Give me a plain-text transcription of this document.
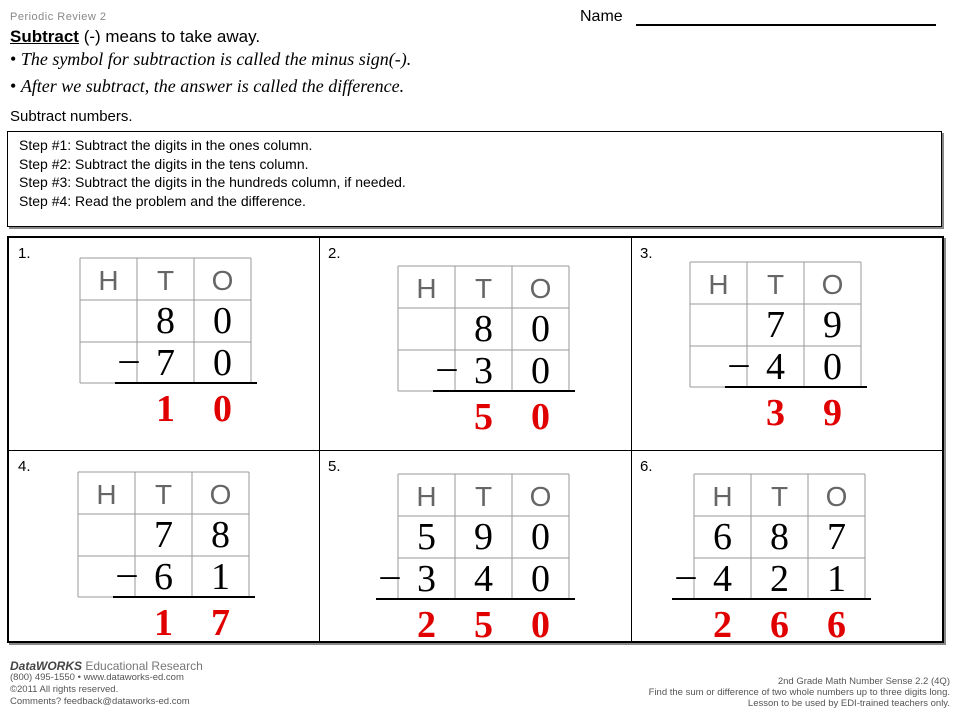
Periodic Review 2	Name
Subtract (-) means to take away.
• The symbol for subtraction is called the minus sign(-).
• After we subtract, the answer is called the difference.
Subtract numbers.
Step #1: Subtract the digits in the ones column.
Step #2: Subtract the digits in the tens column.
Step #3: Subtract the digits in the hundreds column, if needed.
Step #4: Read the problem and the difference.
DataWORKS Educational Research
(800) 495-1550 • www.dataworks-ed.com
©2011 All rights reserved.
Comments? feedback@dataworks-ed.com
2nd Grade Math Number Sense 2.2 (4Q)
Find the sum or difference of two whole numbers up to three digits long.
Lesson to be used by EDI-trained teachers only.
1.
H T O
8 0
7 0
–
1 0
2.
H T O
8 0
3 0
–
5 0
3.
H T O
7 9
4 0
–
3 9
4.
H T O
7 8
6 1
–
1 7
5.
H T O
5 9 0
3 4 0
–
2 5 0
6.
H T O
6 8 7
4 2 1
–
2 6 6
